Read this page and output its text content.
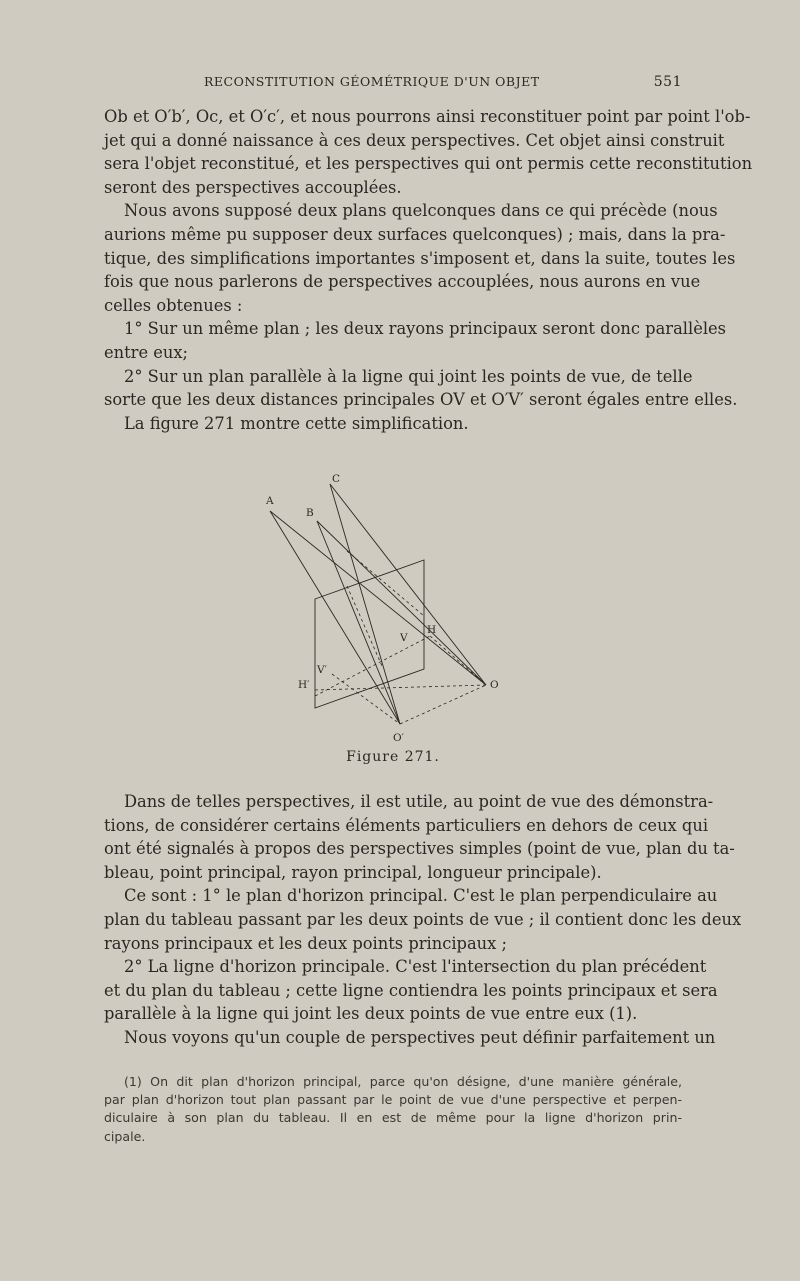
RECONSTITUTION GÉOMÉTRIQUE D'UN OBJET	551
Ob et O′b′, Oc, et O′c′, et nous pourrons ainsi reconstituer point par point l'ob-
jet qui a donné naissance à ces deux perspectives. Cet objet ainsi construit
sera l'objet reconstitué, et les perspectives qui ont permis cette reconstitution
seront des perspectives accouplées.
Nous avons supposé deux plans quelconques dans ce qui précède (nous
aurions même pu supposer deux surfaces quelconques) ; mais, dans la pra-
tique, des simplifications importantes s'imposent et, dans la suite, toutes les
fois que nous parlerons de perspectives accouplées, nous aurons en vue
celles obtenues :
1° Sur un même plan ; les deux rayons principaux seront donc parallèles
entre eux;
2° Sur un plan parallèle à la ligne qui joint les points de vue, de telle
sorte que les deux distances principales OV et O′V′ seront égales entre elles.
La figure 271 montre cette simplification.
C
A
B
H
V
V′
H′	O
O′
Figure 271.
Dans de telles perspectives, il est utile, au point de vue des démonstra-
tions, de considérer certains éléments particuliers en dehors de ceux qui
ont été signalés à propos des perspectives simples (point de vue, plan du ta-
bleau, point principal, rayon principal, longueur principale).
Ce sont : 1° le plan d'horizon principal. C'est le plan perpendiculaire au
plan du tableau passant par les deux points de vue ; il contient donc les deux
rayons principaux et les deux points principaux ;
2° La ligne d'horizon principale. C'est l'intersection du plan précédent
et du plan du tableau ; cette ligne contiendra les points principaux et sera
parallèle à la ligne qui joint les deux points de vue entre eux (1).
Nous voyons qu'un couple de perspectives peut définir parfaitement un
(1) On dit plan d'horizon principal, parce qu'on désigne, d'une manière générale,
par plan d'horizon tout plan passant par le point de vue d'une perspective et perpen-
diculaire à son plan du tableau. Il en est de même pour la ligne d'horizon prin-
cipale.
